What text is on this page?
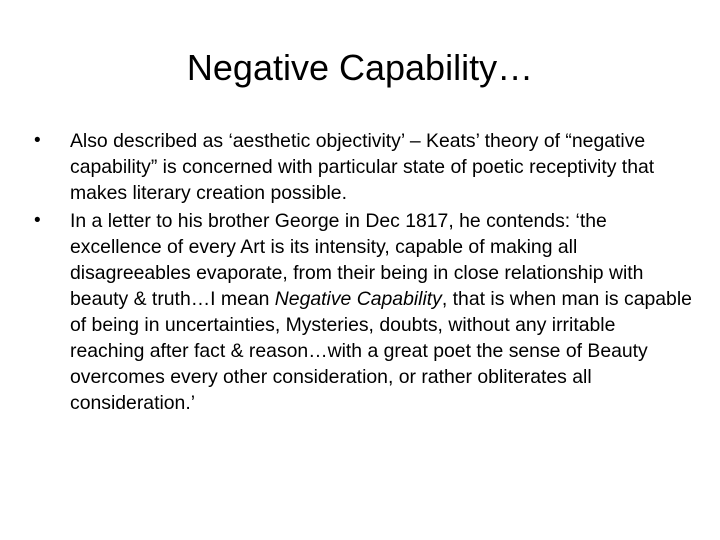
Negative Capability…
•	Also described as ‘aesthetic objectivity’ – Keats’ theory of “negative capability” is concerned with particular state of poetic receptivity that makes literary creation possible.
•	In a letter to his brother George in Dec 1817, he contends: ‘the excellence of every Art is its intensity, capable of making all disagreeables evaporate, from their being in close relationship with beauty & truth…I mean Negative Capability, that is when man is capable of being in uncertainties, Mysteries, doubts, without any irritable reaching after fact & reason…with a great poet the sense of Beauty overcomes every other consideration, or rather obliterates all consideration.’
